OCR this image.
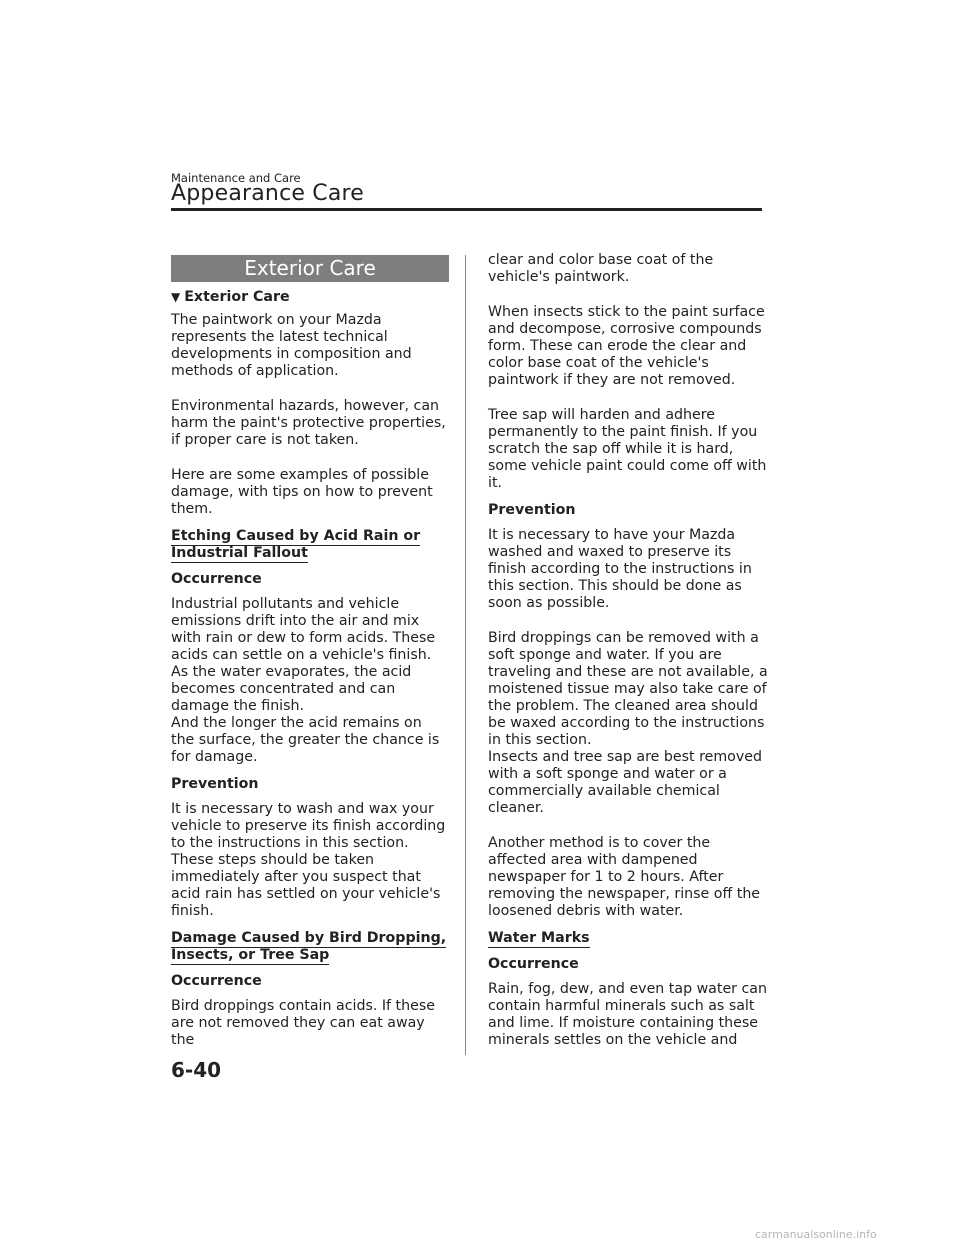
Maintenance and Care
Appearance Care
Exterior Care
▼ Exterior Care

The paintwork on your Mazda represents the latest technical developments in composition and methods of application.

Environmental hazards, however, can harm the paint's protective properties, if proper care is not taken.

Here are some examples of possible damage, with tips on how to prevent them.

Etching Caused by Acid Rain or
Industrial Fallout
Occurrence

Industrial pollutants and vehicle emissions drift into the air and mix with rain or dew to form acids. These acids can settle on a vehicle's finish. As the water evaporates, the acid becomes concentrated and can damage the finish.

And the longer the acid remains on the surface, the greater the chance is for damage.

Prevention

It is necessary to wash and wax your vehicle to preserve its finish according to the instructions in this section.

These steps should be taken immediately after you suspect that acid rain has settled on your vehicle's finish.

Damage Caused by Bird Dropping,
Insects, or Tree Sap
Occurrence

Bird droppings contain acids. If these are not removed they can eat away the

clear and color base coat of the vehicle's paintwork.

When insects stick to the paint surface and decompose, corrosive compounds form. These can erode the clear and color base coat of the vehicle's paintwork if they are not removed.

Tree sap will harden and adhere permanently to the paint finish. If you scratch the sap off while it is hard, some vehicle paint could come off with it.

Prevention

It is necessary to have your Mazda washed and waxed to preserve its finish according to the instructions in this section. This should be done as soon as possible.

Bird droppings can be removed with a soft sponge and water. If you are traveling and these are not available, a moistened tissue may also take care of the problem. The cleaned area should be waxed according to the instructions in this section.

Insects and tree sap are best removed with a soft sponge and water or a commercially available chemical cleaner.

Another method is to cover the affected area with dampened newspaper for 1 to 2 hours. After removing the newspaper, rinse off the loosened debris with water.

Water Marks
Occurrence

Rain, fog, dew, and even tap water can contain harmful minerals such as salt and lime. If moisture containing these minerals settles on the vehicle and

6-40
carmanualsonline.info
